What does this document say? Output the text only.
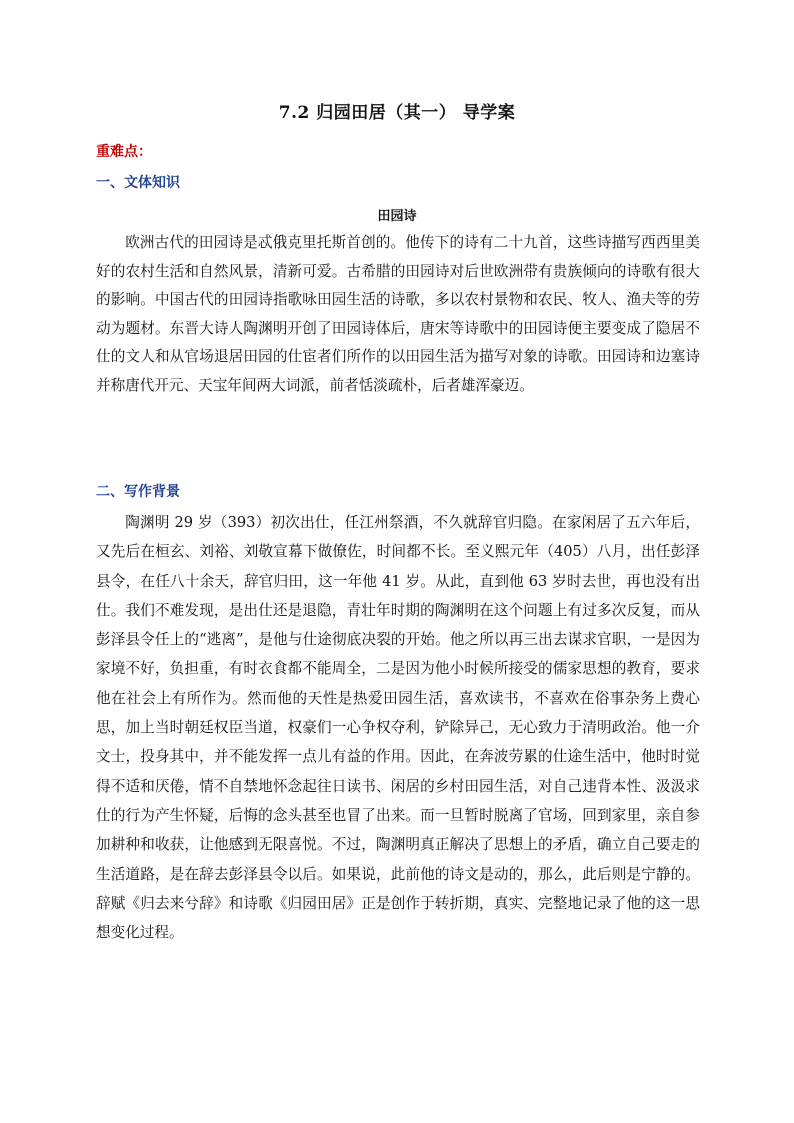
7.2 归园田居（其一） 导学案
重难点：
一、文体知识
田园诗

欧洲古代的田园诗是忒俄克里托斯首创的。他传下的诗有二十九首，这些诗描写西西里美好的农村生活和自然风景，清新可爱。古希腊的田园诗对后世欧洲带有贵族倾向的诗歌有很大的影响。中国古代的田园诗指歌咏田园生活的诗歌，多以农村景物和农民、牧人、渔夫等的劳动为题材。东晋大诗人陶渊明开创了田园诗体后，唐宋等诗歌中的田园诗便主要变成了隐居不仕的文人和从官场退居田园的仕宦者们所作的以田园生活为描写对象的诗歌。田园诗和边塞诗并称唐代开元、天宝年间两大词派，前者恬淡疏朴，后者雄浑豪迈。

二、写作背景

陶渊明 29 岁（393）初次出仕，任江州祭酒，不久就辞官归隐。在家闲居了五六年后，又先后在桓玄、刘裕、刘敬宣幕下做僚佐，时间都不长。至义熙元年（405）八月，出任彭泽县令，在任八十余天，辞官归田，这一年他 41 岁。从此，直到他 63 岁时去世，再也没有出仕。我们不难发现，是出仕还是退隐，青壮年时期的陶渊明在这个问题上有过多次反复，而从彭泽县令任上的“逃离”，是他与仕途彻底决裂的开始。他之所以再三出去谋求官职，一是因为家境不好，负担重，有时衣食都不能周全，二是因为他小时候所接受的儒家思想的教育，要求他在社会上有所作为。然而他的天性是热爱田园生活，喜欢读书，不喜欢在俗事杂务上费心思，加上当时朝廷权臣当道，权豪们一心争权夺利，铲除异己，无心致力于清明政治。他一介文士，投身其中，并不能发挥一点儿有益的作用。因此，在奔波劳累的仕途生活中，他时时觉得不适和厌倦，情不自禁地怀念起往日读书、闲居的乡村田园生活，对自己违背本性、汲汲求仕的行为产生怀疑，后悔的念头甚至也冒了出来。而一旦暂时脱离了官场，回到家里，亲自参加耕种和收获，让他感到无限喜悦。不过，陶渊明真正解决了思想上的矛盾，确立自己要走的生活道路，是在辞去彭泽县令以后。如果说，此前他的诗文是动的，那么，此后则是宁静的。辞赋《归去来兮辞》和诗歌《归园田居》正是创作于转折期，真实、完整地记录了他的这一思想变化过程。
